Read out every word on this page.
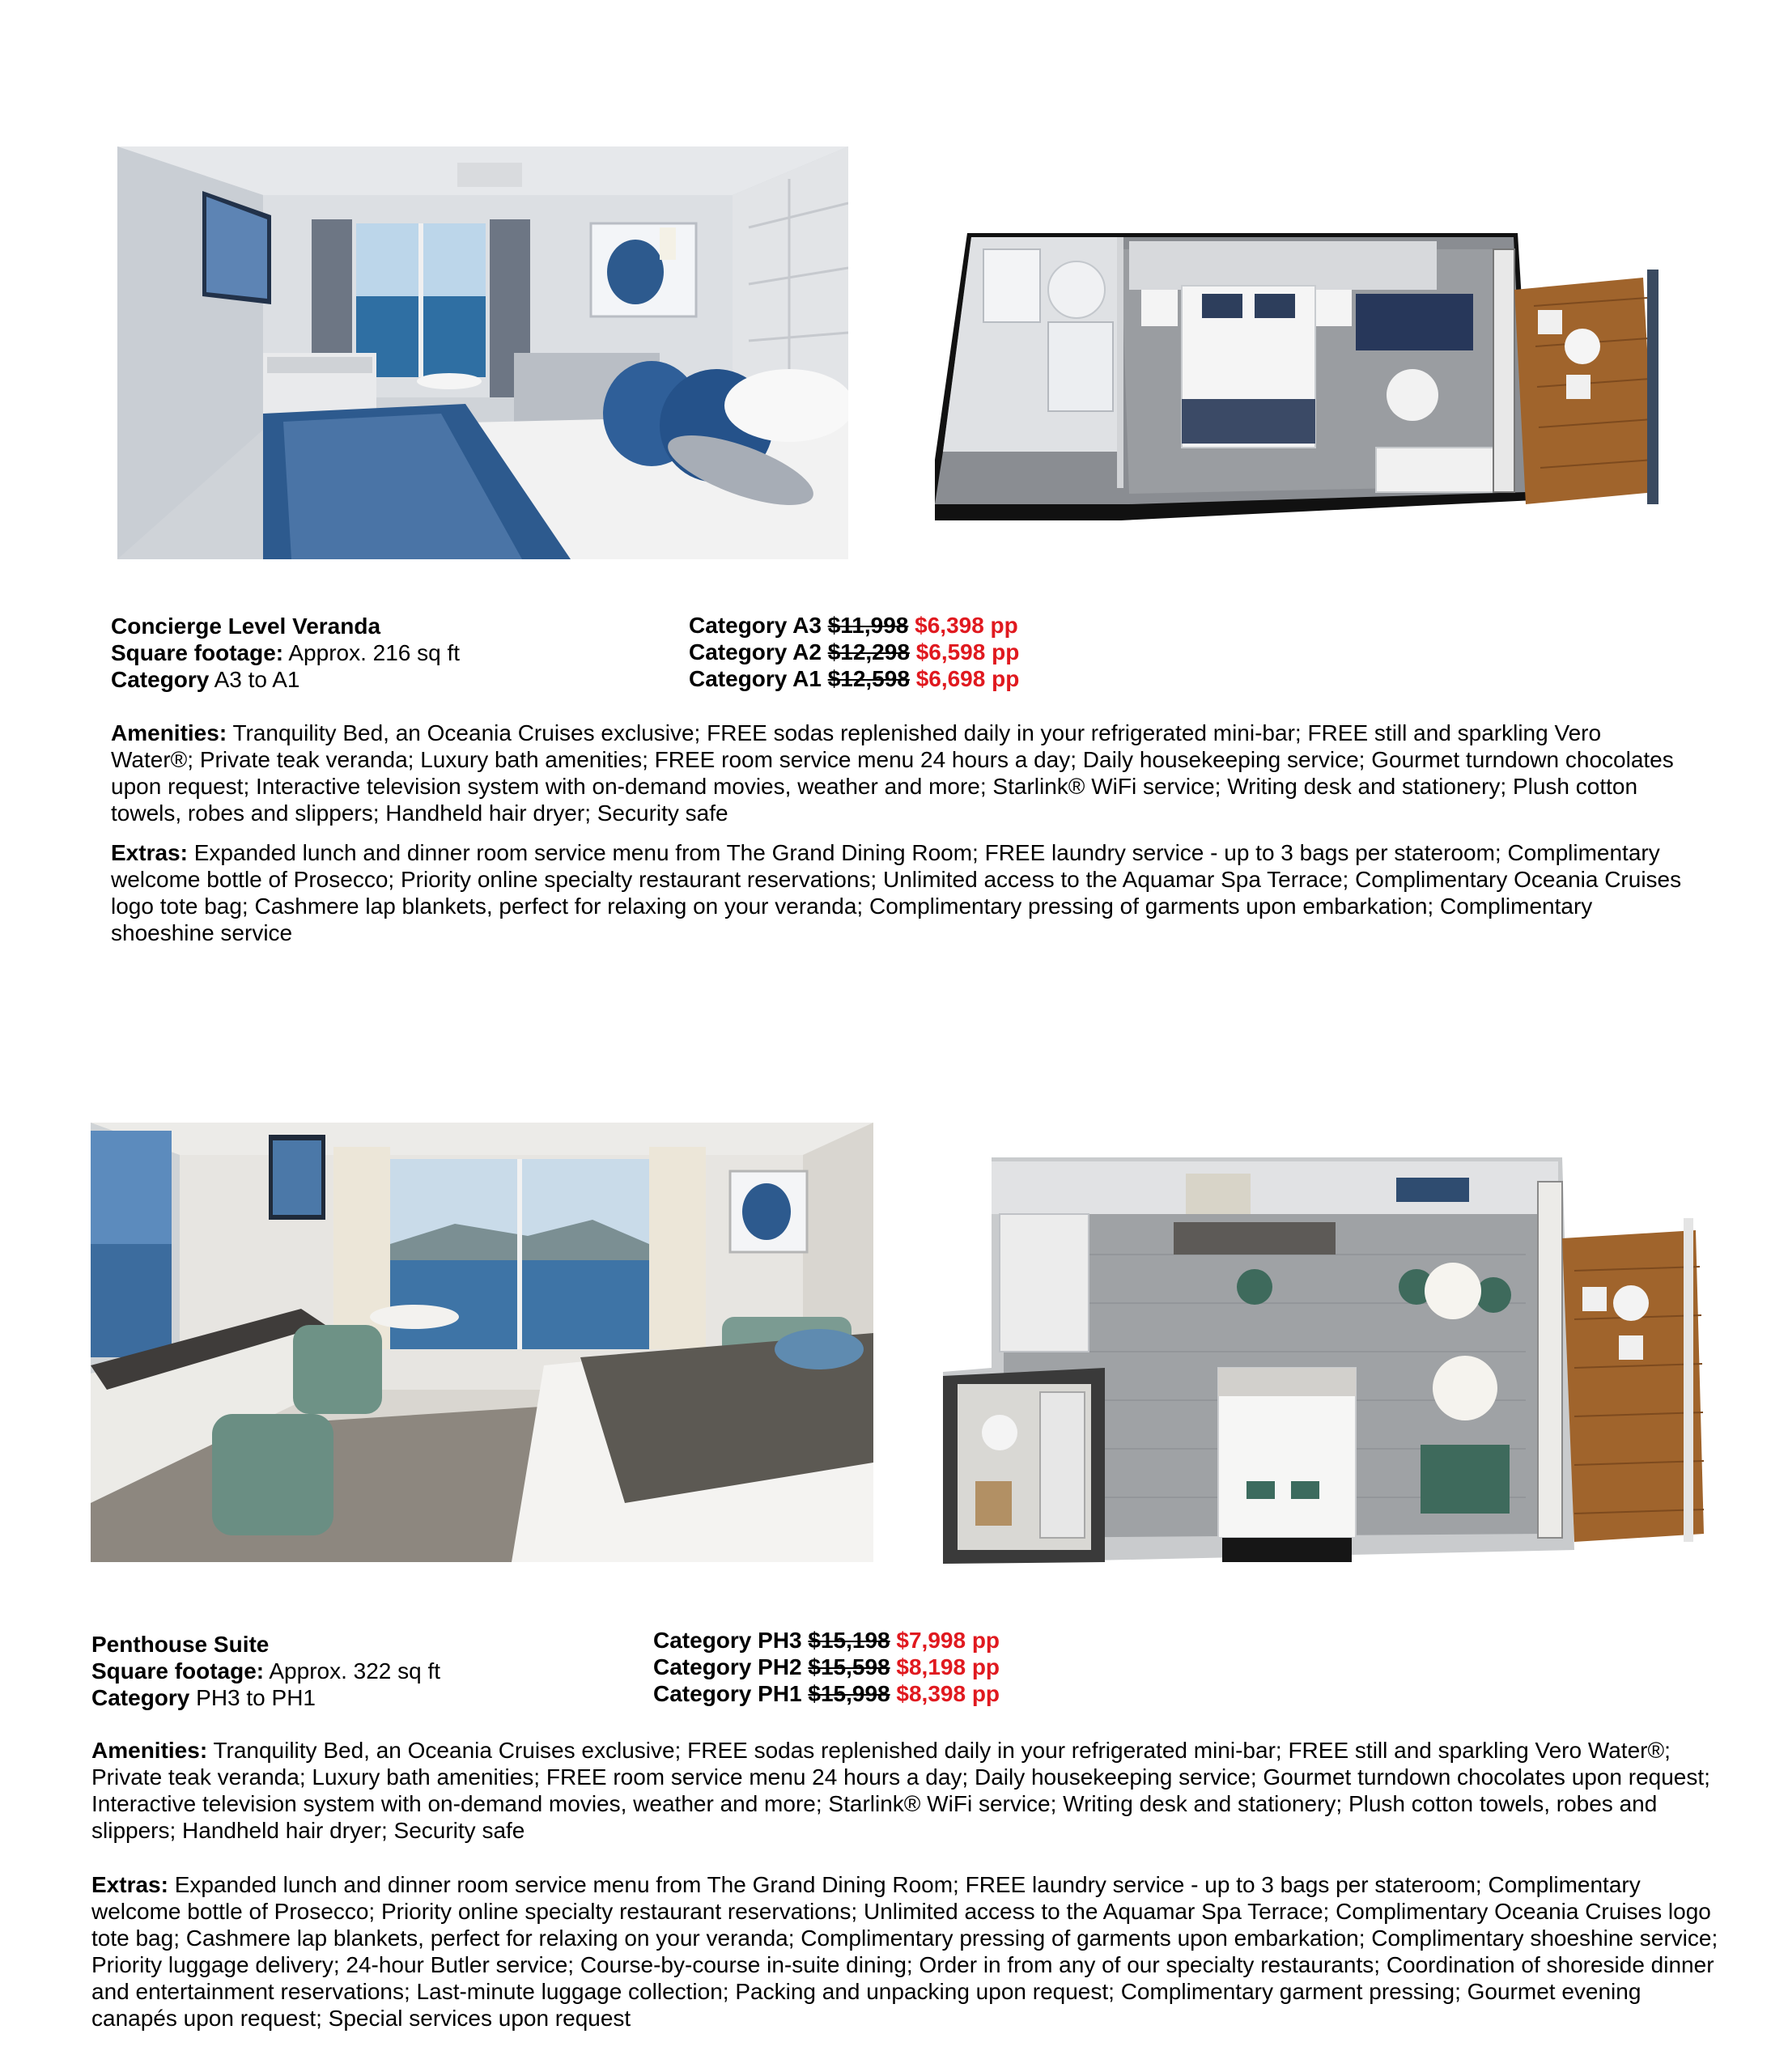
Concierge Level Veranda
Square footage: Approx. 216 sq ft
Category A3 to A1
Category A3 $11,998 $6,398 pp
Category A2 $12,298 $6,598 pp
Category A1 $12,598 $6,698 pp
Amenities: Tranquility Bed, an Oceania Cruises exclusive; FREE sodas replenished daily in your refrigerated mini-bar; FREE still and sparkling Vero Water®; Private teak veranda; Luxury bath amenities; FREE room service menu 24 hours a day; Daily housekeeping service; Gourmet turndown chocolates upon request; Interactive television system with on-demand movies, weather and more; Starlink® WiFi service; Writing desk and stationery; Plush cotton towels, robes and slippers; Handheld hair dryer; Security safe
Extras: Expanded lunch and dinner room service menu from The Grand Dining Room; FREE laundry service - up to 3 bags per stateroom; Complimentary welcome bottle of Prosecco; Priority online specialty restaurant reservations; Unlimited access to the Aquamar Spa Terrace; Complimentary Oceania Cruises logo tote bag; Cashmere lap blankets, perfect for relaxing on your veranda; Complimentary pressing of garments upon embarkation; Complimentary shoeshine service
Penthouse Suite
Square footage: Approx. 322 sq ft
Category PH3 to PH1
Category PH3 $15,198 $7,998 pp
Category PH2 $15,598 $8,198 pp
Category PH1 $15,998 $8,398 pp
Amenities: Tranquility Bed, an Oceania Cruises exclusive; FREE sodas replenished daily in your refrigerated mini-bar; FREE still and sparkling Vero Water®; Private teak veranda; Luxury bath amenities; FREE room service menu 24 hours a day; Daily housekeeping service; Gourmet turndown chocolates upon request; Interactive television system with on-demand movies, weather and more; Starlink® WiFi service; Writing desk and stationery; Plush cotton towels, robes and slippers; Handheld hair dryer; Security safe
Extras: Expanded lunch and dinner room service menu from The Grand Dining Room; FREE laundry service - up to 3 bags per stateroom; Complimentary welcome bottle of Prosecco; Priority online specialty restaurant reservations; Unlimited access to the Aquamar Spa Terrace; Complimentary Oceania Cruises logo tote bag; Cashmere lap blankets, perfect for relaxing on your veranda; Complimentary pressing of garments upon embarkation; Complimentary shoeshine service; Priority luggage delivery; 24-hour Butler service; Course-by-course in-suite dining; Order in from any of our specialty restaurants; Coordination of shoreside dinner and entertainment reservations; Last-minute luggage collection; Packing and unpacking upon request; Complimentary garment pressing; Gourmet evening canapés upon request; Special services upon request
